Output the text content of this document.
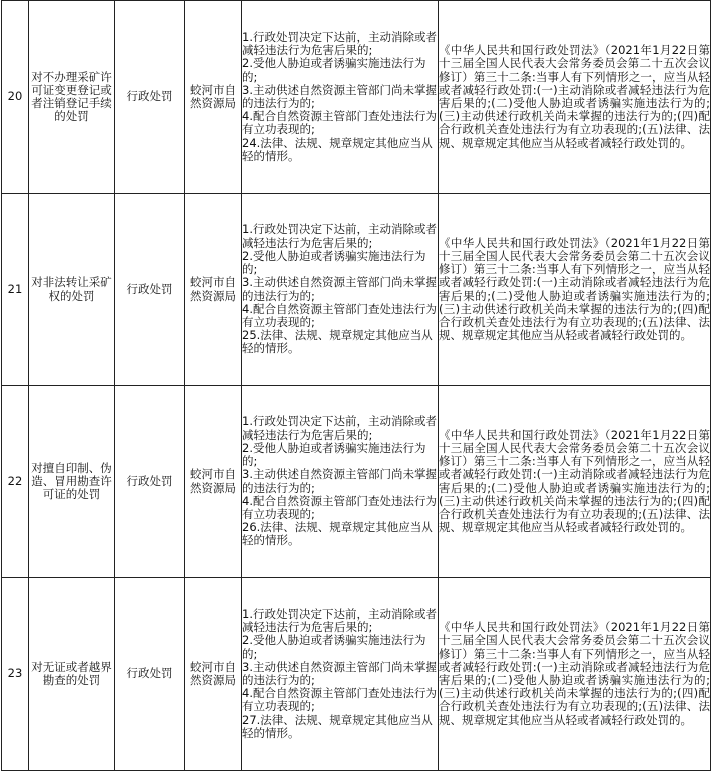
20	对不办理采矿许可证变更登记或者注销登记手续的处罚	行政处罚	蛟河市自然资源局	1.行政处罚决定下达前，主动消除或者减轻违法行为危害后果的;
2.受他人胁迫或者诱骗实施违法行为的;
3.主动供述自然资源主管部门尚未掌握的违法行为的;
4.配合自然资源主管部门查处违法行为有立功表现的;
24.法律、法规、规章规定其他应当从轻的情形。	《中华人民共和国行政处罚法》（2021年1月22日第十三届全国人民代表大会常务委员会第二十五次会议修订）第三十二条:当事人有下列情形之一，应当从轻或者减轻行政处罚:(一)主动消除或者减轻违法行为危害后果的;(二)受他人胁迫或者诱骗实施违法行为的;(三)主动供述行政机关尚未掌握的违法行为的;(四)配合行政机关查处违法行为有立功表现的;(五)法律、法规、规章规定其他应当从轻或者减轻行政处罚的。
21	对非法转让采矿权的处罚	行政处罚	蛟河市自然资源局	1.行政处罚决定下达前，主动消除或者减轻违法行为危害后果的;
2.受他人胁迫或者诱骗实施违法行为的;
3.主动供述自然资源主管部门尚未掌握的违法行为的;
4.配合自然资源主管部门查处违法行为有立功表现的;
25.法律、法规、规章规定其他应当从轻的情形。	《中华人民共和国行政处罚法》（2021年1月22日第十三届全国人民代表大会常务委员会第二十五次会议修订）第三十二条:当事人有下列情形之一，应当从轻或者减轻行政处罚:(一)主动消除或者减轻违法行为危害后果的;(二)受他人胁迫或者诱骗实施违法行为的;(三)主动供述行政机关尚未掌握的违法行为的;(四)配合行政机关查处违法行为有立功表现的;(五)法律、法规、规章规定其他应当从轻或者减轻行政处罚的。
22	对擅自印制、伪造、冒用勘查许可证的处罚	行政处罚	蛟河市自然资源局	1.行政处罚决定下达前，主动消除或者减轻违法行为危害后果的;
2.受他人胁迫或者诱骗实施违法行为的;
3.主动供述自然资源主管部门尚未掌握的违法行为的;
4.配合自然资源主管部门查处违法行为有立功表现的;
26.法律、法规、规章规定其他应当从轻的情形。	《中华人民共和国行政处罚法》（2021年1月22日第十三届全国人民代表大会常务委员会第二十五次会议修订）第三十二条:当事人有下列情形之一，应当从轻或者减轻行政处罚:(一)主动消除或者减轻违法行为危害后果的;(二)受他人胁迫或者诱骗实施违法行为的;(三)主动供述行政机关尚未掌握的违法行为的;(四)配合行政机关查处违法行为有立功表现的;(五)法律、法规、规章规定其他应当从轻或者减轻行政处罚的。
23	对无证或者越界勘查的处罚	行政处罚	蛟河市自然资源局	1.行政处罚决定下达前，主动消除或者减轻违法行为危害后果的;
2.受他人胁迫或者诱骗实施违法行为的;
3.主动供述自然资源主管部门尚未掌握的违法行为的;
4.配合自然资源主管部门查处违法行为有立功表现的;
27.法律、法规、规章规定其他应当从轻的情形。	《中华人民共和国行政处罚法》（2021年1月22日第十三届全国人民代表大会常务委员会第二十五次会议修订）第三十二条:当事人有下列情形之一，应当从轻或者减轻行政处罚:(一)主动消除或者减轻违法行为危害后果的;(二)受他人胁迫或者诱骗实施违法行为的;(三)主动供述行政机关尚未掌握的违法行为的;(四)配合行政机关查处违法行为有立功表现的;(五)法律、法规、规章规定其他应当从轻或者减轻行政处罚的。
